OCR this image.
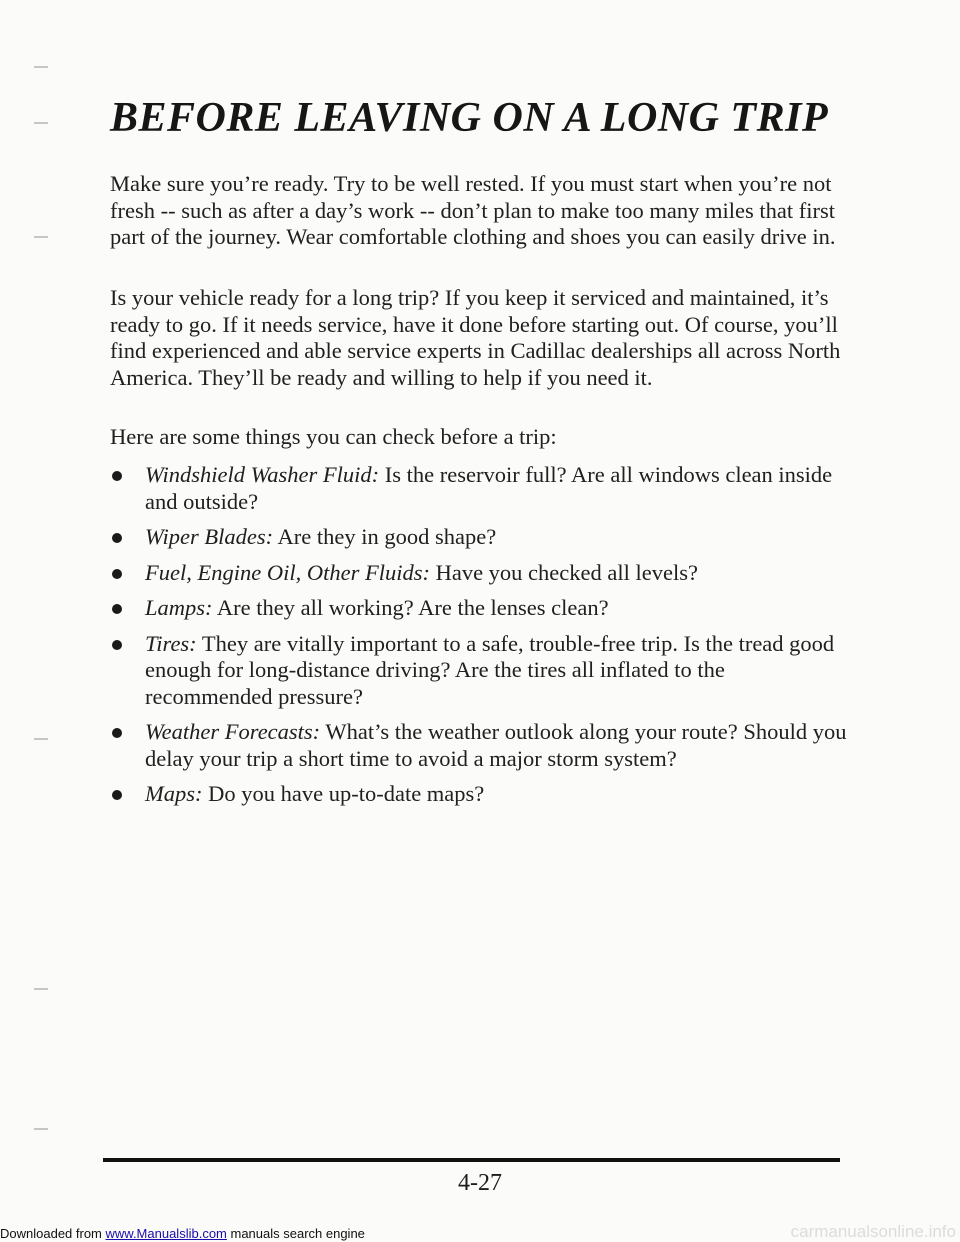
BEFORE LEAVING ON A LONG TRIP

Make sure you’re ready. Try to be well rested. If you must start when you’re not fresh -- such as after a day’s work -- don’t plan to make too many miles that first part of the journey. Wear comfortable clothing and shoes you can easily drive in.

Is your vehicle ready for a long trip? If you keep it serviced and maintained, it’s ready to go. If it needs service, have it done before starting out. Of course, you’ll find experienced and able service experts in Cadillac dealerships all across North America. They’ll be ready and willing to help if you need it.

Here are some things you can check before a trip:

Windshield Washer Fluid: Is the reservoir full? Are all windows clean inside and outside?
Wiper Blades: Are they in good shape?
Fuel, Engine Oil, Other Fluids: Have you checked all levels?
Lamps: Are they all working? Are the lenses clean?
Tires: They are vitally important to a safe, trouble-free trip. Is the tread good enough for long-distance driving? Are the tires all inflated to the recommended pressure?
Weather Forecasts: What’s the weather outlook along your route? Should you delay your trip a short time to avoid a major storm system?
Maps: Do you have up-to-date maps?
4-27
Downloaded from www.Manualslib.com manuals search engine	carmanualsonline.info
